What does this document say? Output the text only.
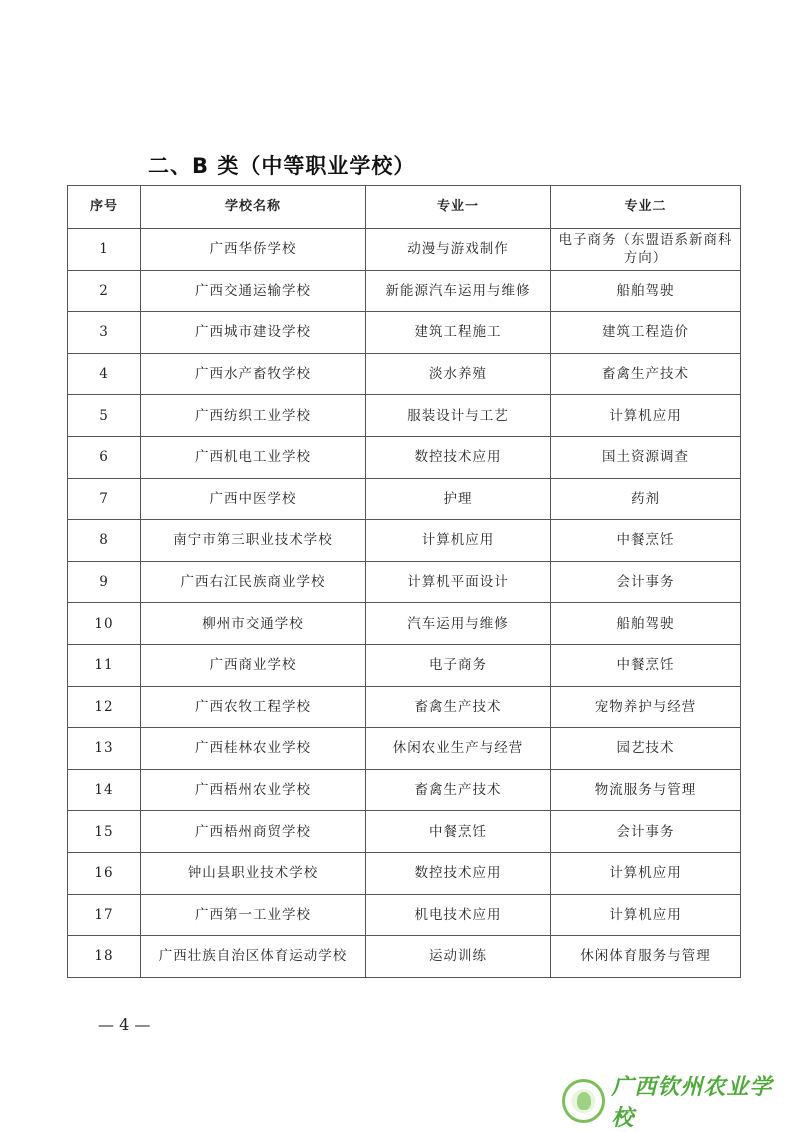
二、B 类（中等职业学校）
序号	学校名称	专业一	专业二
1	广西华侨学校	动漫与游戏制作	电子商务（东盟语系新商科方向）
2	广西交通运输学校	新能源汽车运用与维修	船舶驾驶
3	广西城市建设学校	建筑工程施工	建筑工程造价
4	广西水产畜牧学校	淡水养殖	畜禽生产技术
5	广西纺织工业学校	服装设计与工艺	计算机应用
6	广西机电工业学校	数控技术应用	国土资源调查
7	广西中医学校	护理	药剂
8	南宁市第三职业技术学校	计算机应用	中餐烹饪
9	广西右江民族商业学校	计算机平面设计	会计事务
10	柳州市交通学校	汽车运用与维修	船舶驾驶
11	广西商业学校	电子商务	中餐烹饪
12	广西农牧工程学校	畜禽生产技术	宠物养护与经营
13	广西桂林农业学校	休闲农业生产与经营	园艺技术
14	广西梧州农业学校	畜禽生产技术	物流服务与管理
15	广西梧州商贸学校	中餐烹饪	会计事务
16	钟山县职业技术学校	数控技术应用	计算机应用
17	广西第一工业学校	机电技术应用	计算机应用
18	广西壮族自治区体育运动学校	运动训练	休闲体育服务与管理
— 4 —
广西钦州农业学校
